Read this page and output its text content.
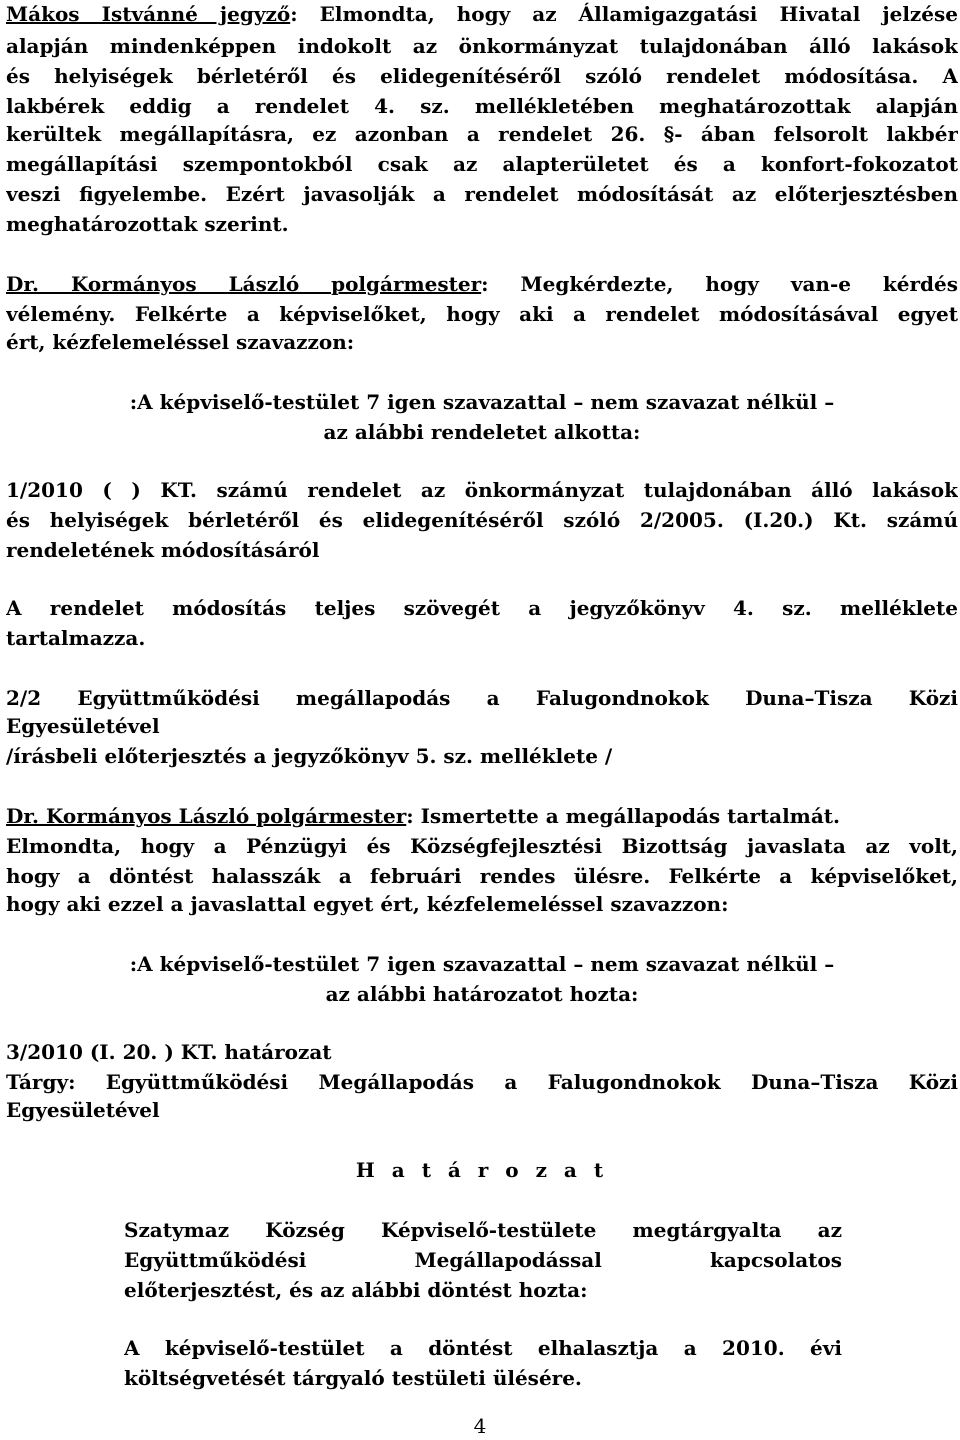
Mákos Istvánné jegyző: Elmondta, hogy az Államigazgatási Hivatal jelzése
alapján mindenképpen indokolt az önkormányzat tulajdonában álló lakások
és helyiségek bérletéről és elidegenítéséről szóló rendelet módosítása. A
lakbérek eddig a rendelet 4. sz. mellékletében meghatározottak alapján
kerültek megállapításra, ez azonban a rendelet 26. §- ában felsorolt lakbér
megállapítási szempontokból csak az alapterületet és a konfort-fokozatot
veszi figyelembe. Ezért javasolják a rendelet módosítását az előterjesztésben
meghatározottak szerint.
Dr. Kormányos László polgármester: Megkérdezte, hogy van-e kérdés
vélemény. Felkérte a képviselőket, hogy aki a rendelet módosításával egyet
ért, kézfelemeléssel szavazzon:
:A képviselő-testület 7 igen szavazattal – nem szavazat nélkül –
az alábbi rendeletet alkotta:
1/2010 ( ) KT. számú rendelet az önkormányzat tulajdonában álló lakások
és helyiségek bérletéről és elidegenítéséről szóló 2/2005. (I.20.) Kt. számú
rendeletének módosításáról
A rendelet módosítás teljes szövegét a jegyzőkönyv 4. sz. melléklete
tartalmazza.
2/2 Együttműködési megállapodás a Falugondnokok Duna–Tisza Közi
Egyesületével
/írásbeli előterjesztés a jegyzőkönyv 5. sz. melléklete /
Dr. Kormányos László polgármester: Ismertette a megállapodás tartalmát.
Elmondta, hogy a Pénzügyi és Községfejlesztési Bizottság javaslata az volt,
hogy a döntést halasszák a februári rendes ülésre. Felkérte a képviselőket,
hogy aki ezzel a javaslattal egyet ért, kézfelemeléssel szavazzon:
:A képviselő-testület 7 igen szavazattal – nem szavazat nélkül –
az alábbi határozatot hozta:
3/2010 (I. 20. ) KT. határozat
Tárgy: Együttműködési Megállapodás a Falugondnokok Duna–Tisza Közi
Egyesületével
H a t á r o z a t
Szatymaz Község Képviselő-testülete megtárgyalta az
Együttműködési Megállapodással kapcsolatos
előterjesztést, és az alábbi döntést hozta:
A képviselő-testület a döntést elhalasztja a 2010. évi
költségvetését tárgyaló testületi ülésére.
4
